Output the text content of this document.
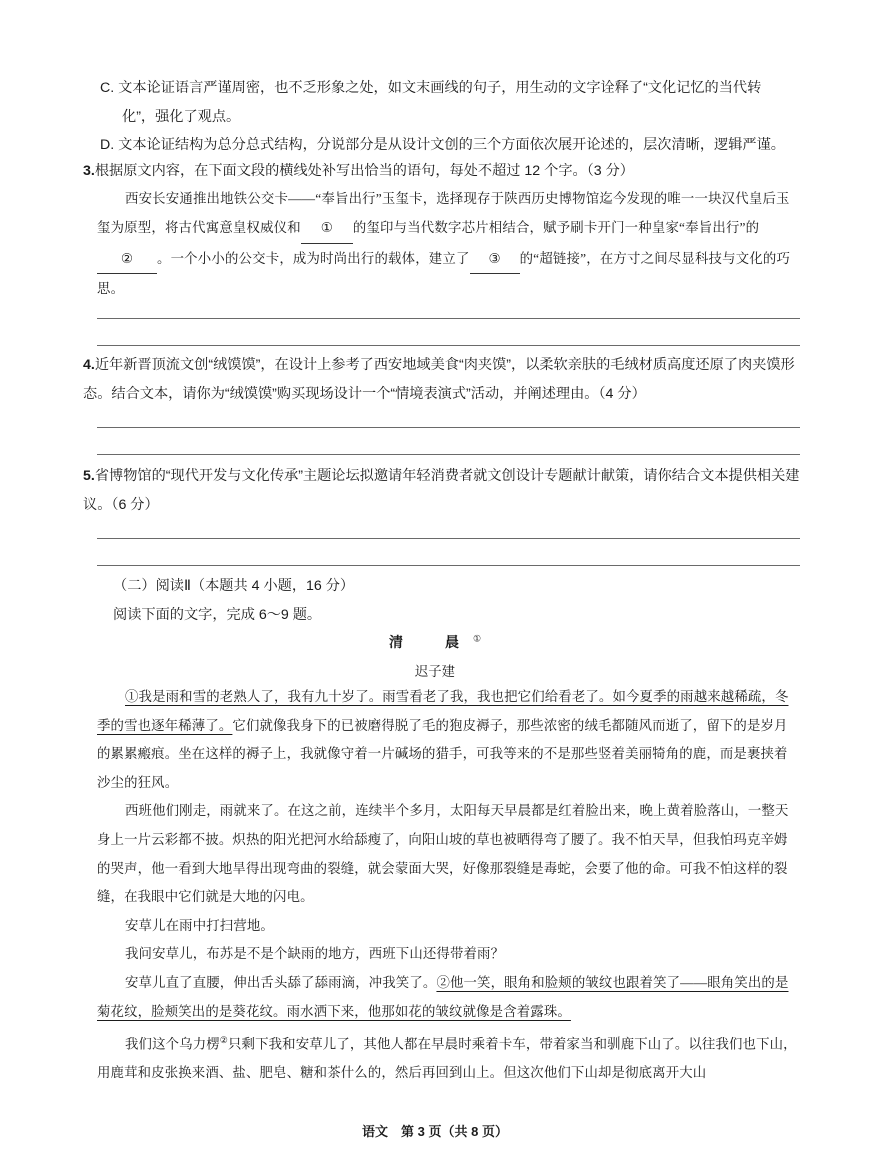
C. 文本论证语言严谨周密，也不乏形象之处，如文末画线的句子，用生动的文字诠释了“文化记忆的当代转
化”，强化了观点。
D. 文本论证结构为总分总式结构，分说部分是从设计文创的三个方面依次展开论述的，层次清晰，逻辑严谨。
3.根据原文内容，在下面文段的横线处补写出恰当的语句，每处不超过 12 个字。（3 分）
西安长安通推出地铁公交卡——“奉旨出行”玉玺卡，选择现存于陕西历史博物馆迄今发现的唯一一块汉代皇后玉玺为原型，将古代寓意皇权威仪和 ① 的玺印与当代数字芯片相结合，赋予刷卡开门一种皇家“奉旨出行”的② 。一个小小的公交卡，成为时尚出行的载体，建立了 ③ 的“超链接”，在方寸之间尽显科技与文化的巧思。
4.近年新晋顶流文创“绒馍馍”，在设计上参考了西安地域美食“肉夹馍”，以柔软亲肤的毛绒材质高度还原了肉夹馍形态。结合文本，请你为“绒馍馍”购买现场设计一个“情境表演式”活动，并阐述理由。（4 分）
5.省博物馆的“现代开发与文化传承”主题论坛拟邀请年轻消费者就文创设计专题献计献策，请你结合文本提供相关建议。（6 分）
（二）阅读Ⅱ（本题共 4 小题，16 分）
阅读下面的文字，完成 6～9 题。
清　晨①
迟子建

①我是雨和雪的老熟人了，我有九十岁了。雨雪看老了我，我也把它们给看老了。如今夏季的雨越来越稀疏，冬季的雪也逐年稀薄了。它们就像我身下的已被磨得脱了毛的狍皮褥子，那些浓密的绒毛都随风而逝了，留下的是岁月的累累瘢痕。坐在这样的褥子上，我就像守着一片碱场的猎手，可我等来的不是那些竖着美丽犄角的鹿，而是裹挟着沙尘的狂风。

西班他们刚走，雨就来了。在这之前，连续半个多月，太阳每天早晨都是红着脸出来，晚上黄着脸落山，一整天身上一片云彩都不披。炽热的阳光把河水给舔瘦了，向阳山坡的草也被晒得弯了腰了。我不怕天旱，但我怕玛克辛姆的哭声，他一看到大地旱得出现弯曲的裂缝，就会蒙面大哭，好像那裂缝是毒蛇，会要了他的命。可我不怕这样的裂缝，在我眼中它们就是大地的闪电。

安草儿在雨中打扫营地。

我问安草儿，布苏是不是个缺雨的地方，西班下山还得带着雨？

安草儿直了直腰，伸出舌头舔了舔雨滴，冲我笑了。②他一笑，眼角和脸颊的皱纹也跟着笑了——眼角笑出的是菊花纹，脸颊笑出的是葵花纹。雨水洒下来，他那如花的皱纹就像是含着露珠。

我们这个乌力楞②只剩下我和安草儿了，其他人都在早晨时乘着卡车，带着家当和驯鹿下山了。以往我们也下山，用鹿茸和皮张换来酒、盐、肥皂、糖和茶什么的，然后再回到山上。但这次他们下山却是彻底离开大山

语文　第 3 页（共 8 页）
